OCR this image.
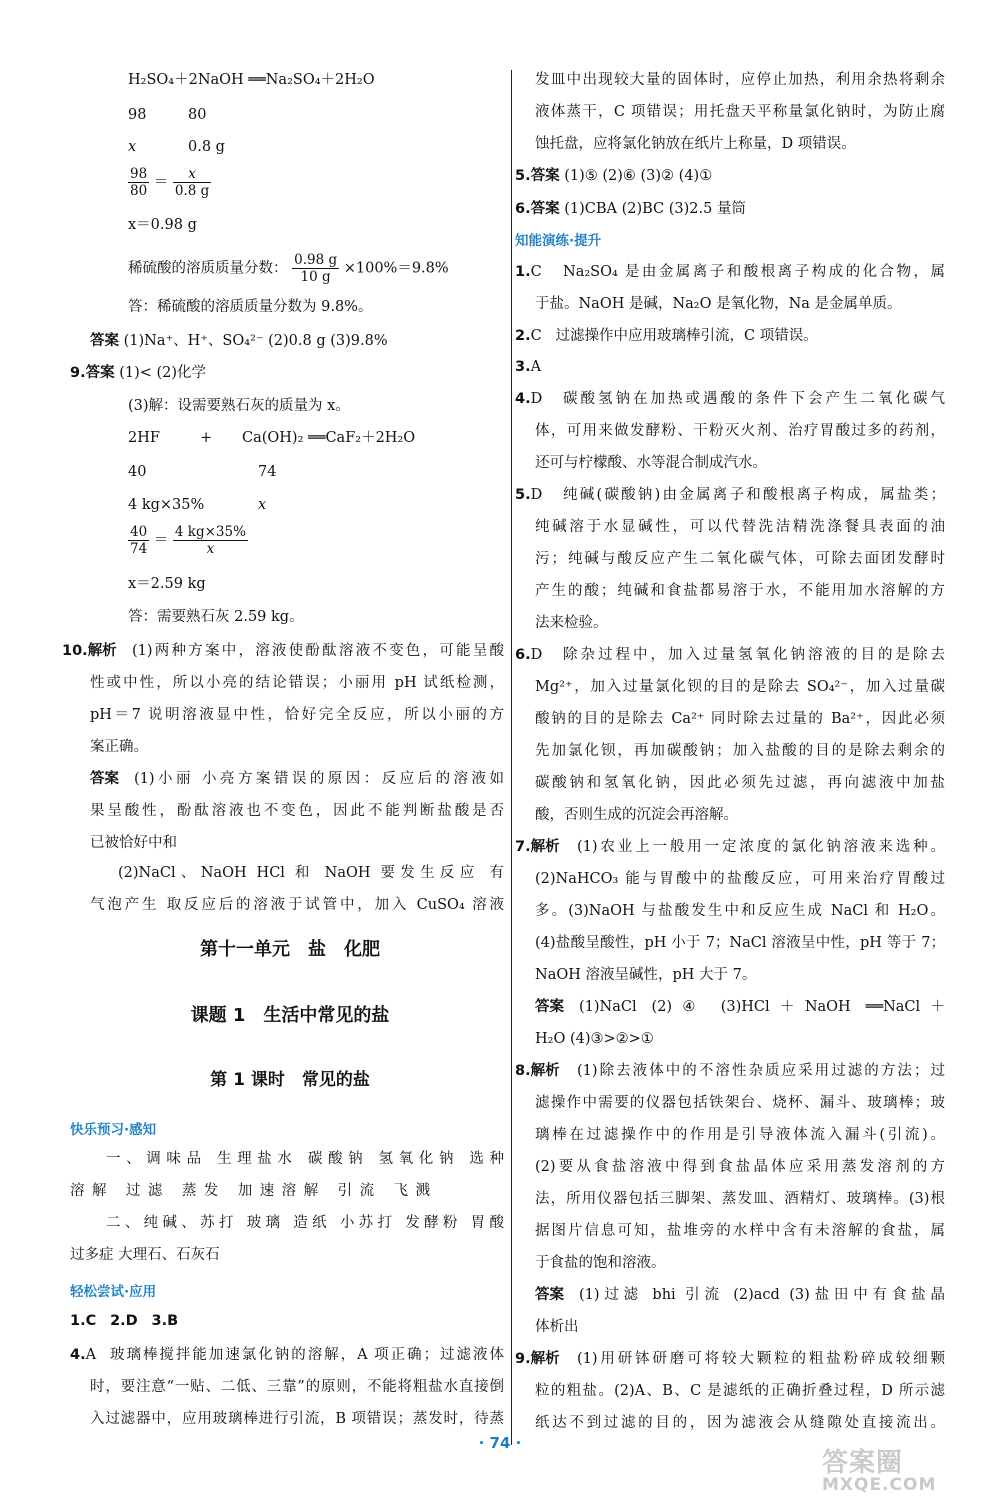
H₂SO₄＋2NaOH ══Na₂SO₄＋2H₂O
98	80
x	0.8 g
$\frac{98}{80} = \frac{x}{0.8 g}$
x＝0.98 g
稀硫酸的溶质质量分数： $\frac{0.98 g}{10 g} \times 100\%=9.8\%$
答：稀硫酸的溶质质量分数为 9.8%。
答案 (1)Na⁺、H⁺、SO₄²⁻ (2)0.8 g (3)9.8%
9.答案 (1)< (2)化学
(3)解：设需要熟石灰的质量为 x。
2HF	+ Ca(OH)₂ ══CaF₂＋2H₂O
40	74
4 kg×35%	x
$\frac{40}{74} = \frac{4 kg\times 35\%}{x}$
x＝2.59 kg
答：需要熟石灰 2.59 kg。
10.解析 (1)两种方案中，溶液使酚酞溶液不变色，可能呈酸
性或中性，所以小亮的结论错误；小丽用 pH 试纸检测，
pH＝7 说明溶液显中性，恰好完全反应，所以小丽的方
案正确。
答案 (1)小丽 小亮方案错误的原因：反应后的溶液如
果呈酸性，酚酞溶液也不变色，因此不能判断盐酸是否
已被恰好中和
(2)NaCl、NaOH HCl 和 NaOH 要发生反应 有
气泡产生 取反应后的溶液于试管中，加入 CuSO₄ 溶液
第十一单元　盐　化肥
课题 1　生活中常见的盐
第 1 课时　常见的盐
快乐预习·感知
一、调味品 生理盐水 碳酸钠 氢氧化钠 选种
溶解 过滤 蒸发 加速溶解 引流 飞溅
二、纯碱、苏打 玻璃 造纸 小苏打 发酵粉 胃酸
过多症 大理石、石灰石
轻松尝试·应用
1.C 2.D 3.B
4.A 玻璃棒搅拌能加速氯化钠的溶解，A 项正确；过滤液体
时，要注意“一贴、二低、三靠”的原则，不能将粗盐水直接倒
入过滤器中，应用玻璃棒进行引流，B 项错误；蒸发时，待蒸
发皿中出现较大量的固体时，应停止加热，利用余热将剩余
液体蒸干，C 项错误；用托盘天平称量氯化钠时，为防止腐
蚀托盘，应将氯化钠放在纸片上称量，D 项错误。
5.答案 (1)⑤ (2)⑥ (3)② (4)①
6.答案 (1)CBA (2)BC (3)2.5 量筒
知能演练·提升
1.C Na₂SO₄ 是由金属离子和酸根离子构成的化合物，属
于盐。NaOH 是碱，Na₂O 是氧化物，Na 是金属单质。
2.C 过滤操作中应用玻璃棒引流，C 项错误。
3.A
4.D 碳酸氢钠在加热或遇酸的条件下会产生二氧化碳气
体，可用来做发酵粉、干粉灭火剂、治疗胃酸过多的药剂，
还可与柠檬酸、水等混合制成汽水。
5.D 纯碱(碳酸钠)由金属离子和酸根离子构成，属盐类；
纯碱溶于水显碱性，可以代替洗洁精洗涤餐具表面的油
污；纯碱与酸反应产生二氧化碳气体，可除去面团发酵时
产生的酸；纯碱和食盐都易溶于水，不能用加水溶解的方
法来检验。
6.D 除杂过程中，加入过量氢氧化钠溶液的目的是除去
Mg²⁺，加入过量氯化钡的目的是除去 SO₄²⁻，加入过量碳
酸钠的目的是除去 Ca²⁺ 同时除去过量的 Ba²⁺，因此必须
先加氯化钡，再加碳酸钠；加入盐酸的目的是除去剩余的
碳酸钠和氢氧化钠，因此必须先过滤，再向滤液中加盐
酸，否则生成的沉淀会再溶解。
7.解析 (1)农业上一般用一定浓度的氯化钠溶液来选种。
(2)NaHCO₃ 能与胃酸中的盐酸反应，可用来治疗胃酸过
多。(3)NaOH 与盐酸发生中和反应生成 NaCl 和 H₂O。
(4)盐酸呈酸性，pH 小于 7；NaCl 溶液呈中性，pH 等于 7；
NaOH 溶液呈碱性，pH 大于 7。
答案 (1)NaCl (2)④ (3)HCl＋NaOH ══NaCl＋
H₂O (4)③>②>①
8.解析 (1)除去液体中的不溶性杂质应采用过滤的方法；过
滤操作中需要的仪器包括铁架台、烧杯、漏斗、玻璃棒；玻
璃棒在过滤操作中的作用是引导液体流入漏斗(引流)。
(2)要从食盐溶液中得到食盐晶体应采用蒸发溶剂的方
法，所用仪器包括三脚架、蒸发皿、酒精灯、玻璃棒。(3)根
据图片信息可知，盐堆旁的水样中含有未溶解的食盐，属
于食盐的饱和溶液。
答案 (1)过滤 bhi 引流 (2)acd (3)盐田中有食盐晶
体析出
9.解析 (1)用研钵研磨可将较大颗粒的粗盐粉碎成较细颗
粒的粗盐。(2)A、B、C 是滤纸的正确折叠过程，D 所示滤
纸达不到过滤的目的，因为滤液会从缝隙处直接流出。
· 74 ·
答案圈
MXQE.COM
